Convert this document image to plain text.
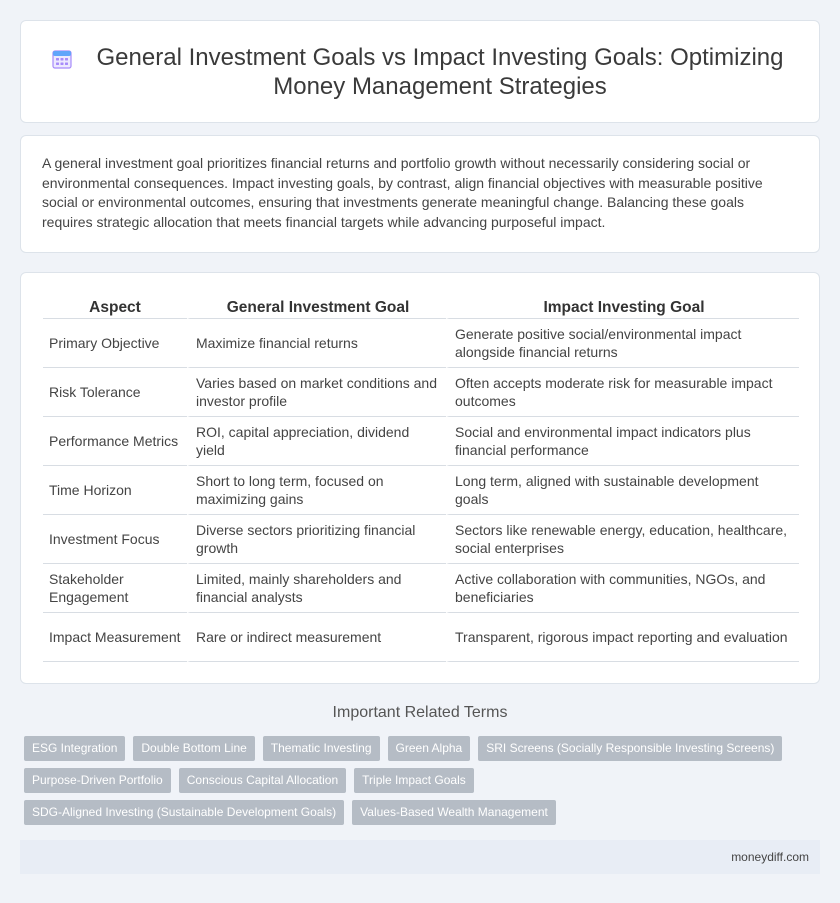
General Investment Goals vs Impact Investing Goals: Optimizing Money Management Strategies

A general investment goal prioritizes financial returns and portfolio growth without necessarily considering social or environmental consequences. Impact investing goals, by contrast, align financial objectives with measurable positive social or environmental outcomes, ensuring that investments generate meaningful change. Balancing these goals requires strategic allocation that meets financial targets while advancing purposeful impact.

Aspect	General Investment Goal	Impact Investing Goal
Primary Objective	Maximize financial returns	Generate positive social/environmental impact alongside financial returns
Risk Tolerance	Varies based on market conditions and investor profile	Often accepts moderate risk for measurable impact outcomes
Performance Metrics	ROI, capital appreciation, dividend yield	Social and environmental impact indicators plus financial performance
Time Horizon	Short to long term, focused on maximizing gains	Long term, aligned with sustainable development goals
Investment Focus	Diverse sectors prioritizing financial growth	Sectors like renewable energy, education, healthcare, social enterprises
Stakeholder Engagement	Limited, mainly shareholders and financial analysts	Active collaboration with communities, NGOs, and beneficiaries
Impact Measurement	Rare or indirect measurement	Transparent, rigorous impact reporting and evaluation
Important Related Terms
ESG Integration	Double Bottom Line	Thematic Investing	Green Alpha	SRI Screens (Socially Responsible Investing Screens)
Purpose-Driven Portfolio	Conscious Capital Allocation	Triple Impact Goals
SDG-Aligned Investing (Sustainable Development Goals)	Values-Based Wealth Management
moneydiff.com
